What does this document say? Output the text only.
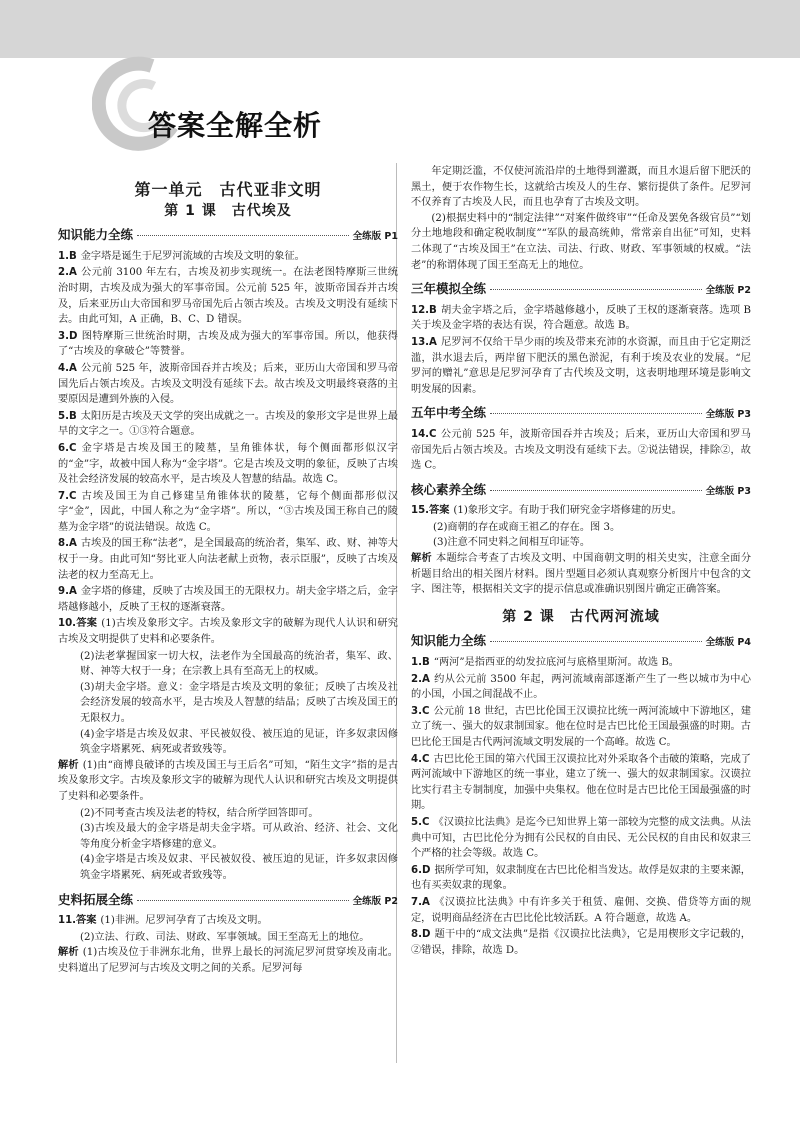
答案全解全析
第一单元　古代亚非文明
第 1 课　古代埃及
知识能力全练	全练版 P1
1.B 金字塔是诞生于尼罗河流域的古埃及文明的象征。
2.A 公元前 3100 年左右，古埃及初步实现统一。在法老图特摩斯三世统治时期，古埃及成为强大的军事帝国。公元前 525 年，波斯帝国吞并古埃及，后来亚历山大帝国和罗马帝国先后占领古埃及。古埃及文明没有延续下去。由此可知，A 正确，B、C、D 错误。
3.D 图特摩斯三世统治时期，古埃及成为强大的军事帝国。所以，他获得了“古埃及的拿破仑”等赞誉。
4.A 公元前 525 年，波斯帝国吞并古埃及；后来，亚历山大帝国和罗马帝国先后占领古埃及。古埃及文明没有延续下去。故古埃及文明最终衰落的主要原因是遭到外族的入侵。
5.B 太阳历是古埃及天文学的突出成就之一。古埃及的象形文字是世界上最早的文字之一。①③符合题意。
6.C 金字塔是古埃及国王的陵墓，呈角锥体状，每个侧面都形似汉字的“金”字，故被中国人称为“金字塔”。它是古埃及文明的象征，反映了古埃及社会经济发展的较高水平，是古埃及人智慧的结晶。故选 C。
7.C 古埃及国王为自己修建呈角锥体状的陵墓，它每个侧面都形似汉字“金”，因此，中国人称之为“金字塔”。所以，“③古埃及国王称自己的陵墓为金字塔”的说法错误。故选 C。
8.A 古埃及的国王称“法老”，是全国最高的统治者，集军、政、财、神等大权于一身。由此可知“努比亚人向法老献上贡物，表示臣服”，反映了古埃及法老的权力至高无上。
9.A 金字塔的修建，反映了古埃及国王的无限权力。胡夫金字塔之后，金字塔越修越小，反映了王权的逐渐衰落。
10.答案 (1)古埃及象形文字。古埃及象形文字的破解为现代人认识和研究古埃及文明提供了史料和必要条件。
(2)法老掌握国家一切大权，法老作为全国最高的统治者，集军、政、财、神等大权于一身；在宗教上具有至高无上的权威。
(3)胡夫金字塔。意义：金字塔是古埃及文明的象征；反映了古埃及社会经济发展的较高水平，是古埃及人智慧的结晶；反映了古埃及国王的无限权力。
(4)金字塔是古埃及奴隶、平民被奴役、被压迫的见证，许多奴隶因修筑金字塔累死、病死或者致残等。
解析 (1)由“商博良破译的古埃及国王与王后名”可知，“陌生文字”指的是古埃及象形文字。古埃及象形文字的破解为现代人认识和研究古埃及文明提供了史料和必要条件。
(2)不同考查古埃及法老的特权，结合所学回答即可。
(3)古埃及最大的金字塔是胡夫金字塔。可从政治、经济、社会、文化等角度分析金字塔修建的意义。
(4)金字塔是古埃及奴隶、平民被奴役、被压迫的见证，许多奴隶因修筑金字塔累死、病死或者致残等。
史料拓展全练	全练版 P2
11.答案 (1)非洲。尼罗河孕育了古埃及文明。
(2)立法、行政、司法、财政、军事领域。国王至高无上的地位。
解析 (1)古埃及位于非洲东北角，世界上最长的河流尼罗河贯穿埃及南北。史料道出了尼罗河与古埃及文明之间的关系。尼罗河每

年定期泛滥，不仅使河流沿岸的土地得到灌溉，而且水退后留下肥沃的黑土，便于农作物生长，这就给古埃及人的生存、繁衍提供了条件。尼罗河不仅养育了古埃及人民，而且也孕育了古埃及文明。

(2)根据史料中的“制定法律”“对案件做终审”“任命及罢免各级官员”“划分土地地段和确定税收制度”“军队的最高统帅，常常亲自出征”可知，史料二体现了“古埃及国王”在立法、司法、行政、财政、军事领域的权威。“法老”的称谓体现了国王至高无上的地位。

三年模拟全练	全练版 P2
12.B 胡夫金字塔之后，金字塔越修越小，反映了王权的逐渐衰落。选项 B 关于埃及金字塔的表达有误，符合题意。故选 B。
13.A 尼罗河不仅给干旱少雨的埃及带来充沛的水资源，而且由于它定期泛滥，洪水退去后，两岸留下肥沃的黑色淤泥，有利于埃及农业的发展。“尼罗河的赠礼”意思是尼罗河孕育了古代埃及文明，这表明地理环境是影响文明发展的因素。
五年中考全练	全练版 P3
14.C 公元前 525 年，波斯帝国吞并古埃及；后来，亚历山大帝国和罗马帝国先后占领古埃及。古埃及文明没有延续下去。②说法错误，排除②，故选 C。
核心素养全练	全练版 P3
15.答案 (1)象形文字。有助于我们研究金字塔修建的历史。
(2)商朝的存在或商王祖乙的存在。图 3。
(3)注意不同史料之间相互印证等。
解析 本题综合考查了古埃及文明、中国商朝文明的相关史实，注意全面分析题目给出的相关图片材料。图片型题目必须认真观察分析图片中包含的文字、图注等，根据相关文字的提示信息或准确识别图片确定正确答案。
第 2 课　古代两河流域
知识能力全练	全练版 P4
1.B “两河”是指西亚的幼发拉底河与底格里斯河。故选 B。
2.A 约从公元前 3500 年起，两河流域南部逐渐产生了一些以城市为中心的小国，小国之间混战不止。
3.C 公元前 18 世纪，古巴比伦国王汉谟拉比统一两河流域中下游地区，建立了统一、强大的奴隶制国家。他在位时是古巴比伦王国最强盛的时期。古巴比伦王国是古代两河流域文明发展的一个高峰。故选 C。
4.C 古巴比伦王国的第六代国王汉谟拉比对外采取各个击破的策略，完成了两河流域中下游地区的统一事业，建立了统一、强大的奴隶制国家。汉谟拉比实行君主专制制度，加强中央集权。他在位时是古巴比伦王国最强盛的时期。
5.C 《汉谟拉比法典》是迄今已知世界上第一部较为完整的成文法典。从法典中可知，古巴比伦分为拥有公民权的自由民、无公民权的自由民和奴隶三个严格的社会等级。故选 C。
6.D 据所学可知，奴隶制度在古巴比伦相当发达。故俘是奴隶的主要来源，也有买卖奴隶的现象。
7.A 《汉谟拉比法典》中有许多关于租赁、雇佣、交换、借贷等方面的规定，说明商品经济在古巴比伦比较活跃。A 符合题意，故选 A。
8.D 题干中的“成文法典”是指《汉谟拉比法典》，它是用楔形文字记载的，②错误，排除，故选 D。
